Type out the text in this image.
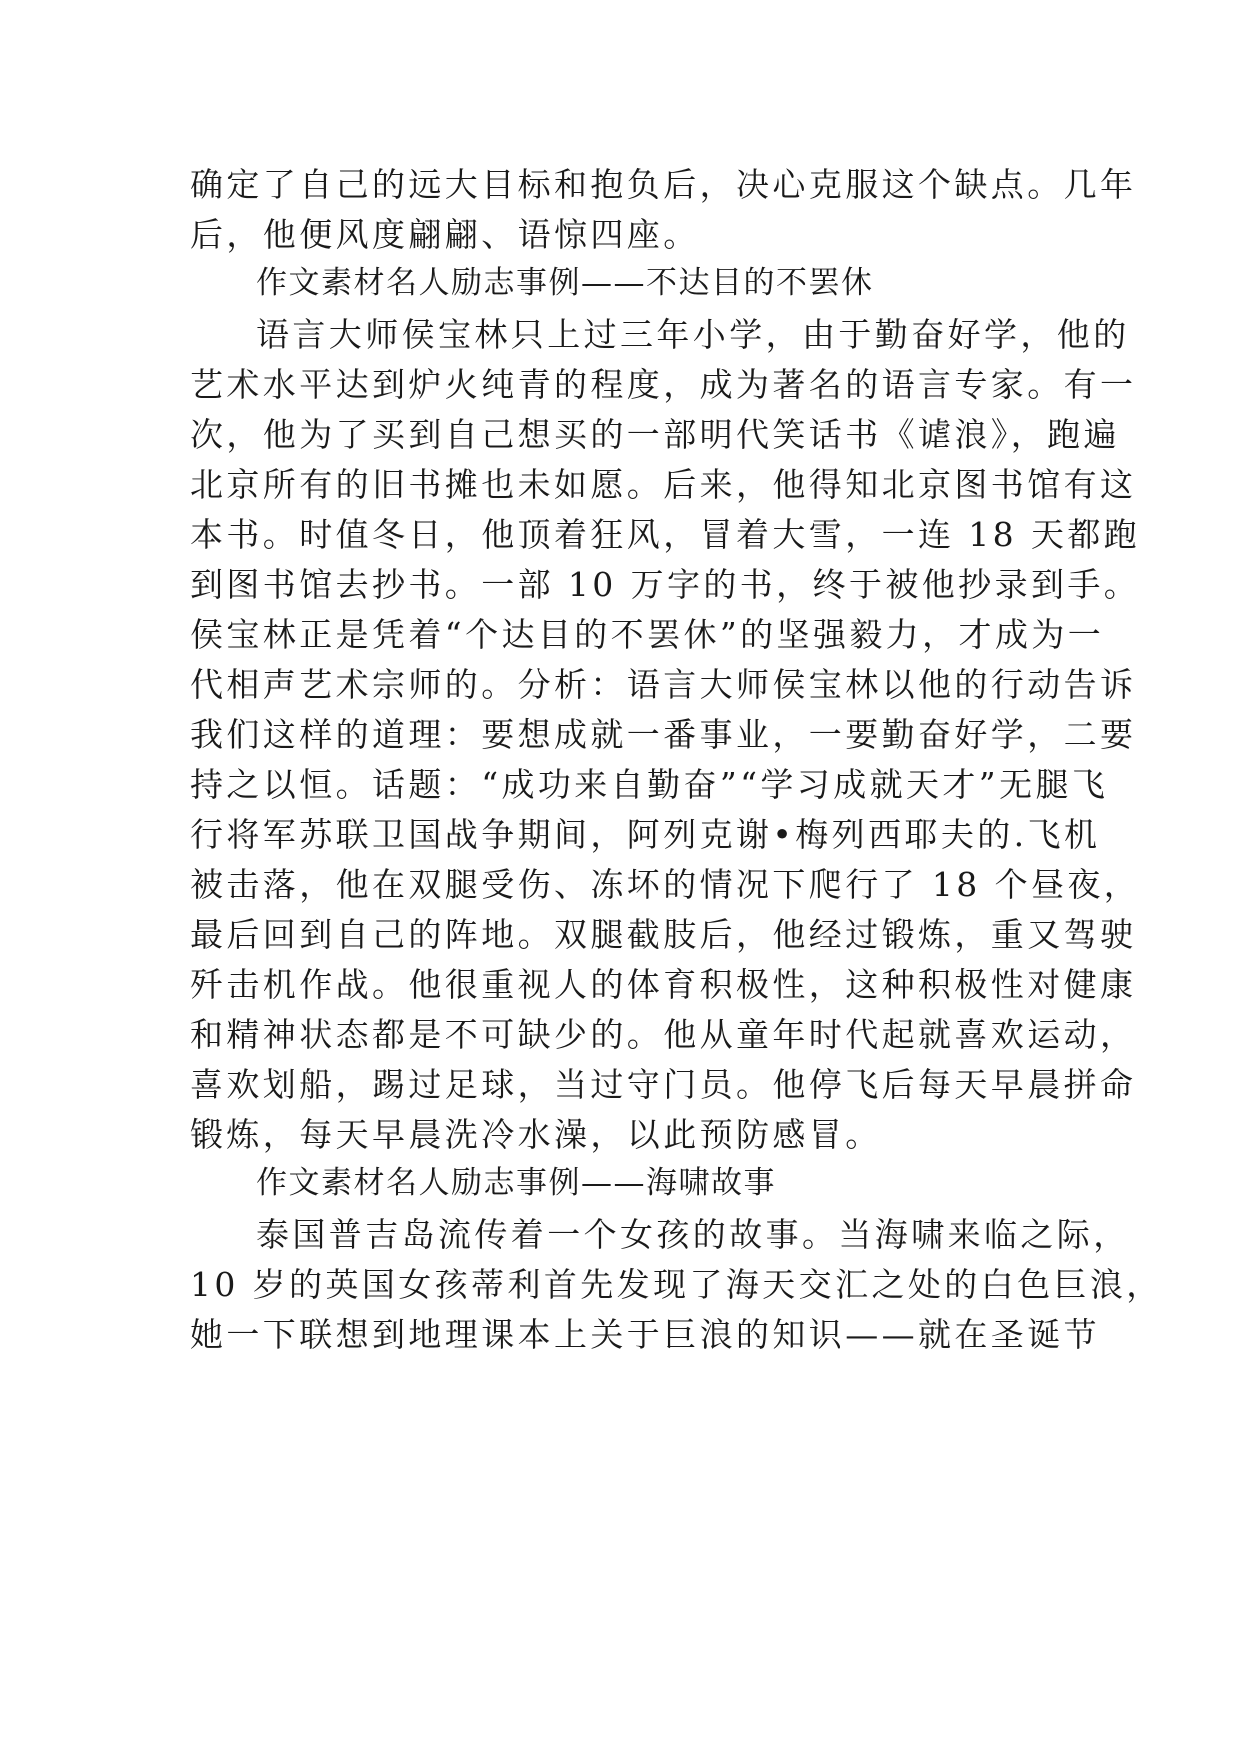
确定了自己的远大目标和抱负后，决心克服这个缺点。几年
后，他便风度翩翩、语惊四座。
作文素材名人励志事例——不达目的不罢休
语言大师侯宝林只上过三年小学，由于勤奋好学，他的
艺术水平达到炉火纯青的程度，成为著名的语言专家。有一
次，他为了买到自己想买的一部明代笑话书《谑浪》，跑遍
北京所有的旧书摊也未如愿。后来，他得知北京图书馆有这
本书。时值冬日，他顶着狂风，冒着大雪，一连 18 天都跑
到图书馆去抄书。一部 10 万字的书，终于被他抄录到手。
侯宝林正是凭着“个达目的不罢休”的坚强毅力，才成为一
代相声艺术宗师的。分析：语言大师侯宝林以他的行动告诉
我们这样的道理：要想成就一番事业，一要勤奋好学，二要
持之以恒。话题：“成功来自勤奋”“学习成就天才”无腿飞
行将军苏联卫国战争期间，阿列克谢•梅列西耶夫的.飞机
被击落，他在双腿受伤、冻坏的情况下爬行了 18 个昼夜，
最后回到自己的阵地。双腿截肢后，他经过锻炼，重又驾驶
歼击机作战。他很重视人的体育积极性，这种积极性对健康
和精神状态都是不可缺少的。他从童年时代起就喜欢运动，
喜欢划船，踢过足球，当过守门员。他停飞后每天早晨拼命
锻炼，每天早晨洗冷水澡，以此预防感冒。
作文素材名人励志事例——海啸故事
泰国普吉岛流传着一个女孩的故事。当海啸来临之际，
10 岁的英国女孩蒂利首先发现了海天交汇之处的白色巨浪，
她一下联想到地理课本上关于巨浪的知识——就在圣诞节
